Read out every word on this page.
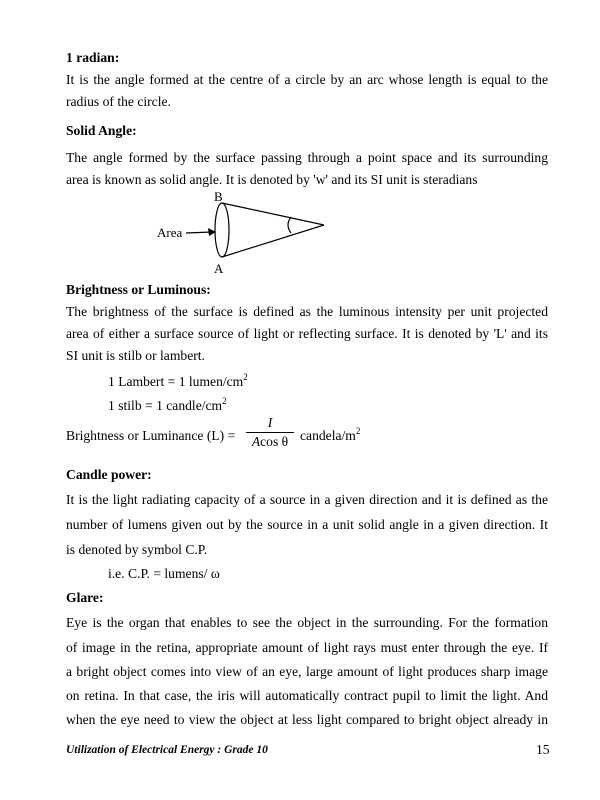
1 radian:
It is the angle formed at the centre of a circle by an arc whose length is equal to the
radius of the circle.
Solid Angle:
The angle formed by the surface passing through a point space and its surrounding
area is known as solid angle. It is denoted by 'w' and its SI unit is steradians
B
A
Area
Brightness or Luminous:
The brightness of the surface is defined as the luminous intensity per unit projected
area of either a surface source of light or reflecting surface. It is denoted by 'L' and its
SI unit is stilb or lambert.
1 Lambert = 1 lumen/$cm^2$
1 stilb = 1 candle/$cm^2$
Brightness or Luminance (L) =
I
Acos θ candela/$m^2$
Candle power:
It is the light radiating capacity of a source in a given direction and it is defined as the
number of lumens given out by the source in a unit solid angle in a given direction. It
is denoted by symbol C.P.
i.e. C.P. = lumens/ ω
Glare:
Eye is the organ that enables to see the object in the surrounding. For the formation
of image in the retina, appropriate amount of light rays must enter through the eye. If
a bright object comes into view of an eye, large amount of light produces sharp image
on retina. In that case, the iris will automatically contract pupil to limit the light. And
when the eye need to view the object at less light compared to bright object already in
Utilization of Electrical Energy : Grade 10	15
